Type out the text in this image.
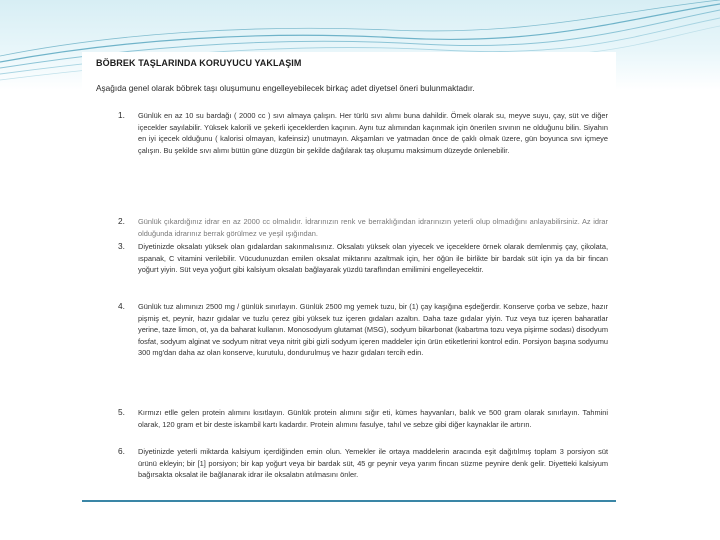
BÖBREK TAŞLARINDA KORUYUCU YAKLAŞIM
Aşağıda genel olarak böbrek taşı oluşumunu engelleyebilecek birkaç adet diyetsel öneri bulunmaktadır.
1. Günlük en az 10 su bardağı ( 2000 cc ) sıvı almaya çalışın. Her türlü sıvı alımı buna dahildir. Örnek olarak su, meyve suyu, çay, süt ve diğer içecekler sayılabilir. Yüksek kalorili ve şekerli içeceklerden kaçının. Aynı tuz alımından kaçınmak için önerilen sıvının ne olduğunu bilin. Siyahın en iyi içecek olduğunu ( kalorisi olmayan, kafeinsiz) unutmayın. Akşamları ve yatmadan önce de çaklı olmak üzere, gün boyunca sıvı içmeye çalışın. Bu şekilde sıvı alımı bütün güne düzgün bir şekilde dağılarak taş oluşumu maksimum düzeyde önlenebilir.
2. Günlük çıkardığınız idrar en az 2000 cc olmalıdır. İdrarınızın renk ve berraklığından idrarınızın yeterli olup olmadığını anlayabilirsiniz. Az idrar olduğunda idrarınız berrak görülmez ve yeşil ışığından.
3. Diyetinizde oksalatı yüksek olan gıdalardan sakınmalısınız. Oksalatı yüksek olan yiyecek ve içeceklere örnek olarak demlenmiş çay, çikolata, ıspanak, C vitamini verilebilir. Vücudunuzdan emilen oksalat miktarını azaltmak için, her öğün ile birlikte bir bardak süt için ya da bir fincan yoğurt yiyin. Süt veya yoğurt gibi kalsiyum oksalatı bağlayarak yüzdü taraflından emilimini engelleyecektir.
4. Günlük tuz alımınızı 2500 mg / günlük sınırlayın. Günlük 2500 mg yemek tuzu, bir (1) çay kaşığına eşdeğerdir. Konserve çorba ve sebze, hazır pişmiş et, peynir, hazır gıdalar ve tuzlu çerez gibi yüksek tuz içeren gıdaları azaltın. Daha taze gıdalar yiyin. Tuz veya tuz içeren baharatlar yerine, taze limon, ot, ya da baharat kullanın. Monosodyum glutamat (MSG), sodyum bikarbonat (kabartma tozu veya pişirme sodası) disodyum fosfat, sodyum alginat ve sodyum nitrat veya nitrit gibi gizli sodyum içeren maddeler için ürün etiketlerini kontrol edin. Porsiyon başına sodyumu 300 mg'dan daha az olan konserve, kurutulu, dondurulmuş ve hazır gıdaları tercih edin.
5. Kırmızı etlle gelen protein alımını kısıtlayın. Günlük protein alımını sığır eti, kümes hayvanları, balık ve 500 gram olarak sınırlayın. Tahmini olarak, 120 gram et bir deste iskambil kartı kadardır. Protein alımını fasulye, tahıl ve sebze gibi diğer kaynaklar ile artırın.
6. Diyetinizde yeterli miktarda kalsiyum içerdiğinden emin olun. Yemekler ile ortaya maddelerin aracında eşit dağıtılmış toplam 3 porsiyon süt ürünü ekleyin; bir [1] porsiyon; bir kap yoğurt veya bir bardak süt, 45 gr peynir veya yarım fincan süzme peynire denk gelir. Diyetteki kalsiyum bağırsakta oksalat ile bağlanarak idrar ile oksalatın atılmasını önler.
